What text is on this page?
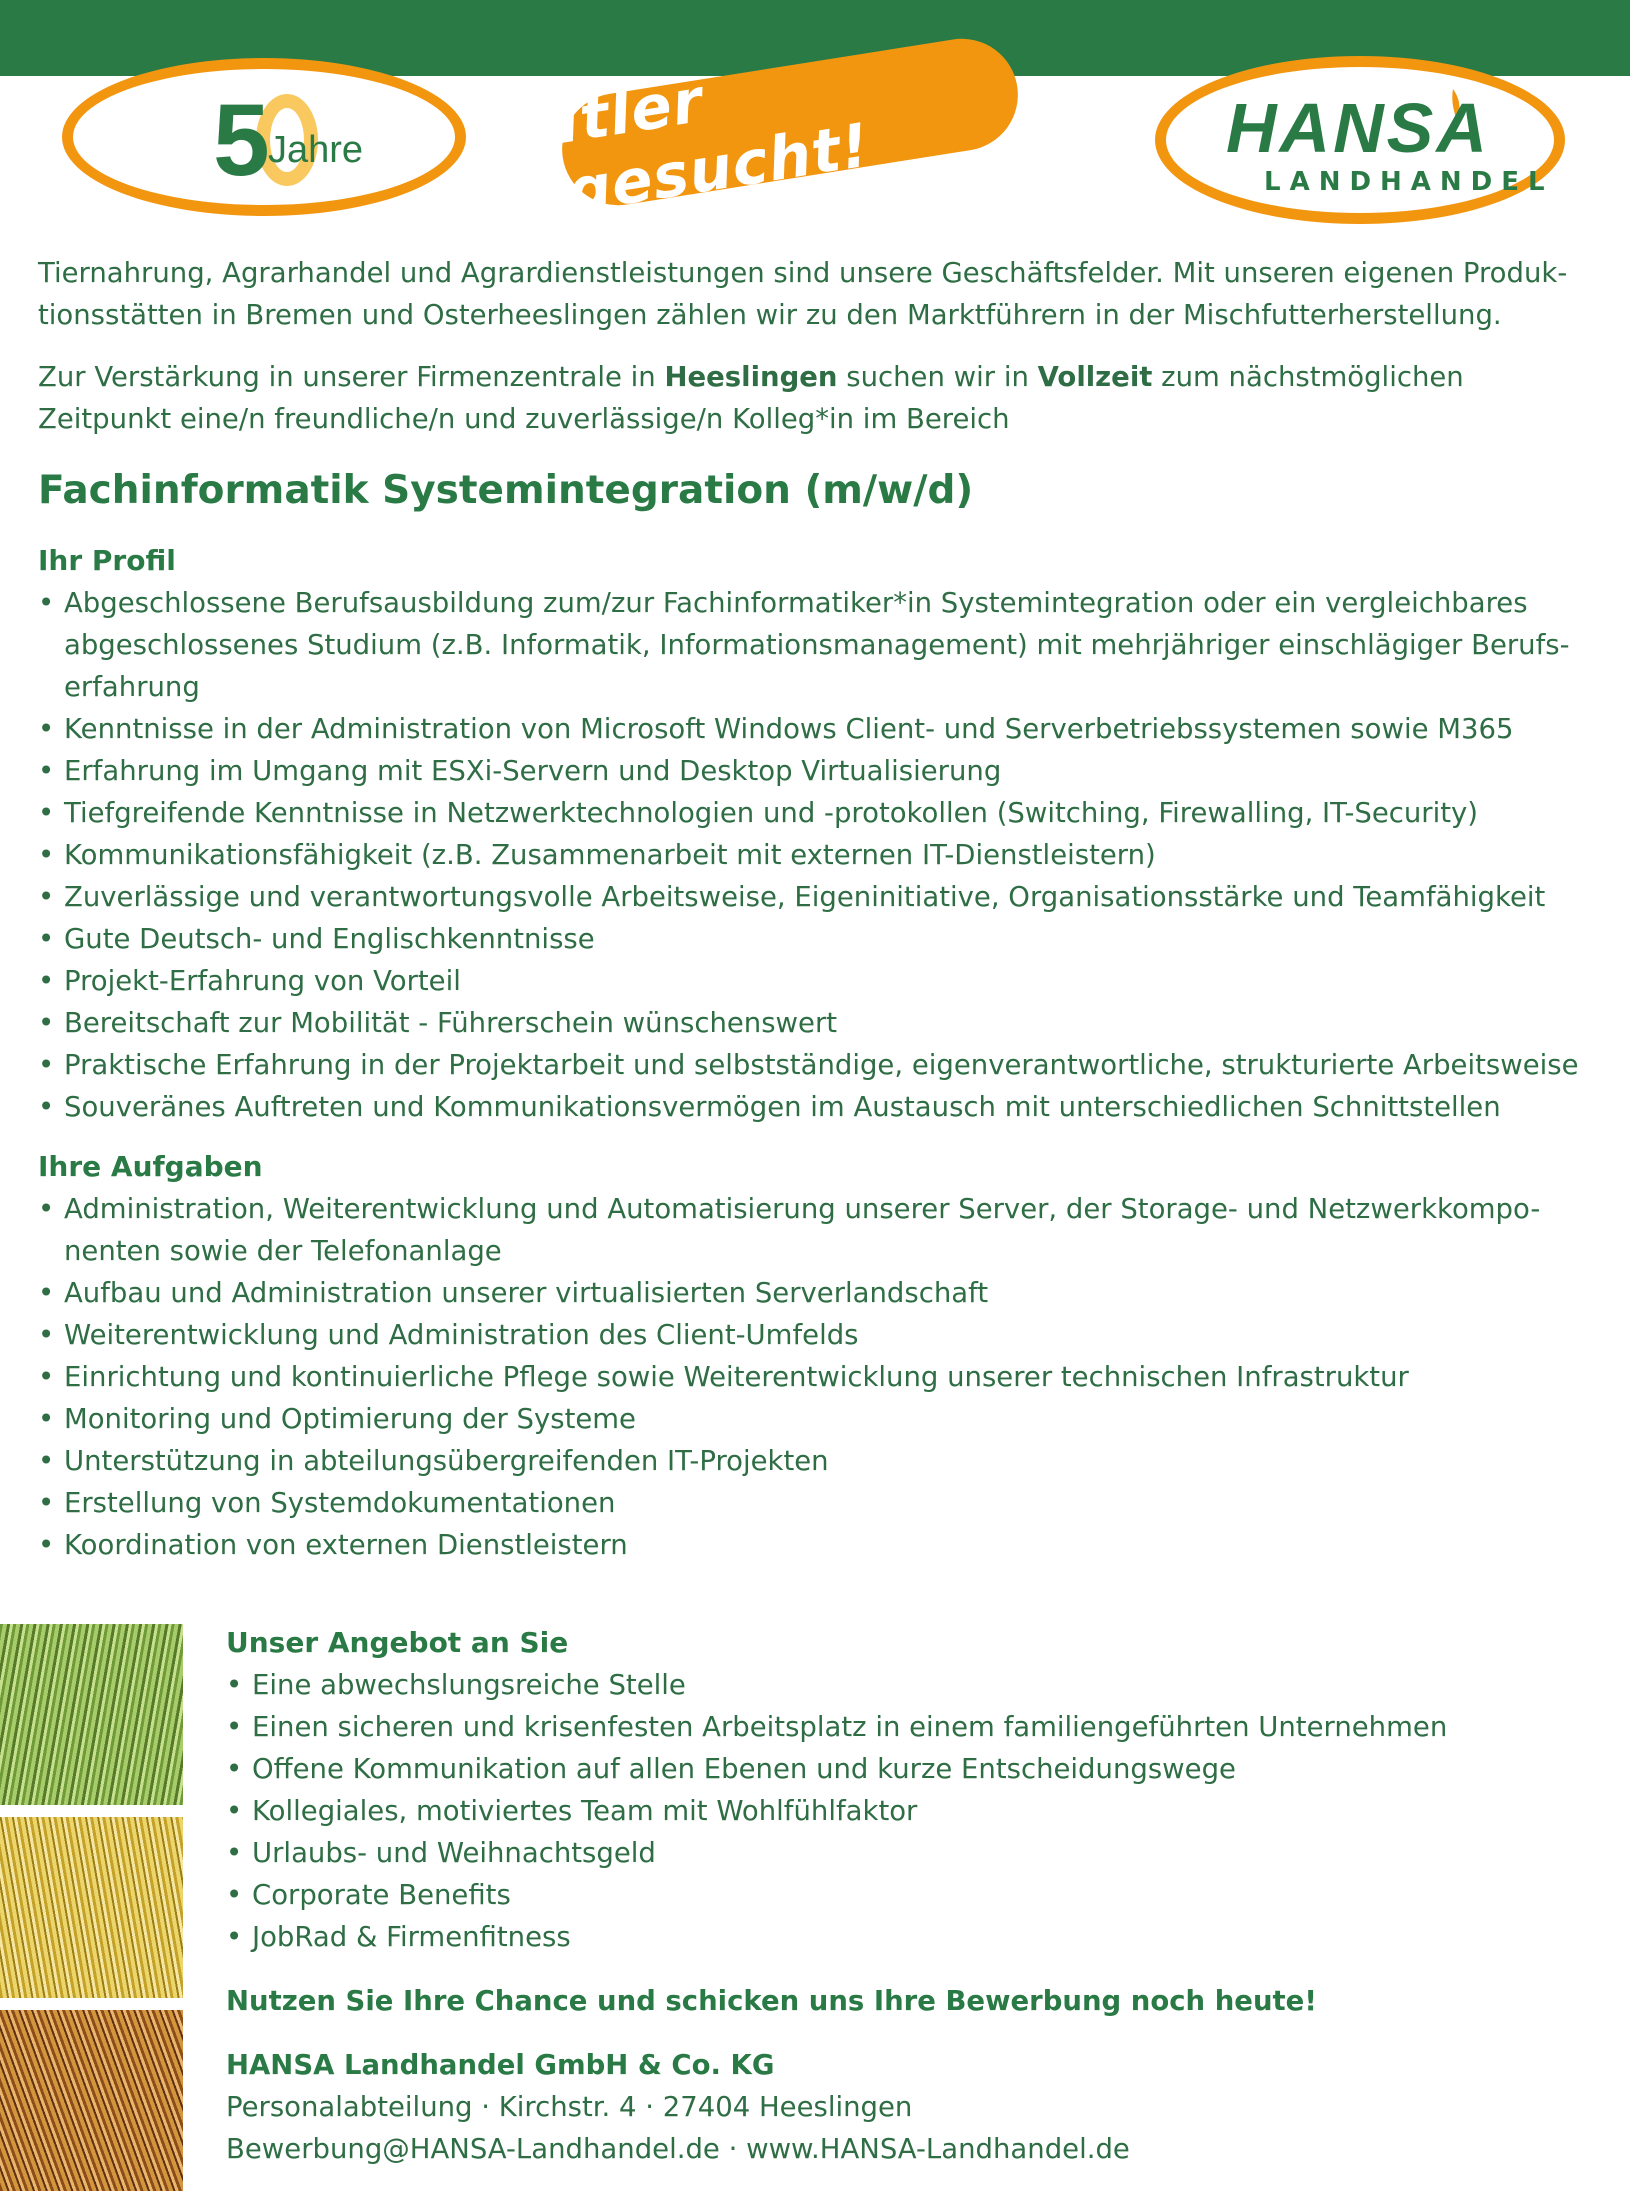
5
Jahre	Itler gesucht!	HANSA
LANDHANDEL

Tiernahrung, Agrarhandel und Agrardienstleistungen sind unsere Geschäftsfelder. Mit unseren eigenen Produk-
tionsstätten in Bremen und Osterheeslingen zählen wir zu den Marktführern in der Mischfutterherstellung.

Zur Verstärkung in unserer Firmenzentrale in Heeslingen suchen wir in Vollzeit zum nächstmöglichen
Zeitpunkt eine/n freundliche/n und zuverlässige/n Kolleg*in im Bereich

Fachinformatik Systemintegration (m/w/d)
Ihr Profil
• Abgeschlossene Berufsausbildung zum/zur Fachinformatiker*in Systemintegration oder ein vergleichbares abgeschlossenes Studium (z.B. Informatik, Informationsmanagement) mit mehrjähriger einschlägiger Berufs-erfahrung
• Kenntnisse in der Administration von Microsoft Windows Client- und Serverbetriebssystemen sowie M365
• Erfahrung im Umgang mit ESXi-Servern und Desktop Virtualisierung
• Tiefgreifende Kenntnisse in Netzwerktechnologien und -protokollen (Switching, Firewalling, IT-Security)
• Kommunikationsfähigkeit (z.B. Zusammenarbeit mit externen IT-Dienstleistern)
• Zuverlässige und verantwortungsvolle Arbeitsweise, Eigeninitiative, Organisationsstärke und Teamfähigkeit
• Gute Deutsch- und Englischkenntnisse
• Projekt-Erfahrung von Vorteil
• Bereitschaft zur Mobilität - Führerschein wünschenswert
• Praktische Erfahrung in der Projektarbeit und selbstständige, eigenverantwortliche, strukturierte Arbeitsweise
• Souveränes Auftreten und Kommunikationsvermögen im Austausch mit unterschiedlichen Schnittstellen
Ihre Aufgaben
• Administration, Weiterentwicklung und Automatisierung unserer Server, der Storage- und Netzwerkkompo-nenten sowie der Telefonanlage
• Aufbau und Administration unserer virtualisierten Serverlandschaft
• Weiterentwicklung und Administration des Client-Umfelds
• Einrichtung und kontinuierliche Pflege sowie Weiterentwicklung unserer technischen Infrastruktur
• Monitoring und Optimierung der Systeme
• Unterstützung in abteilungsübergreifenden IT-Projekten
• Erstellung von Systemdokumentationen
• Koordination von externen Dienstleistern
Unser Angebot an Sie
• Eine abwechslungsreiche Stelle
• Einen sicheren und krisenfesten Arbeitsplatz in einem familiengeführten Unternehmen
• Offene Kommunikation auf allen Ebenen und kurze Entscheidungswege
• Kollegiales, motiviertes Team mit Wohlfühlfaktor
• Urlaubs- und Weihnachtsgeld
• Corporate Benefits
• JobRad & Firmenfitness

Nutzen Sie Ihre Chance und schicken uns Ihre Bewerbung noch heute!

HANSA Landhandel GmbH & Co. KG

Personalabteilung · Kirchstr. 4 · 27404 Heeslingen

Bewerbung@HANSA-Landhandel.de · www.HANSA-Landhandel.de
